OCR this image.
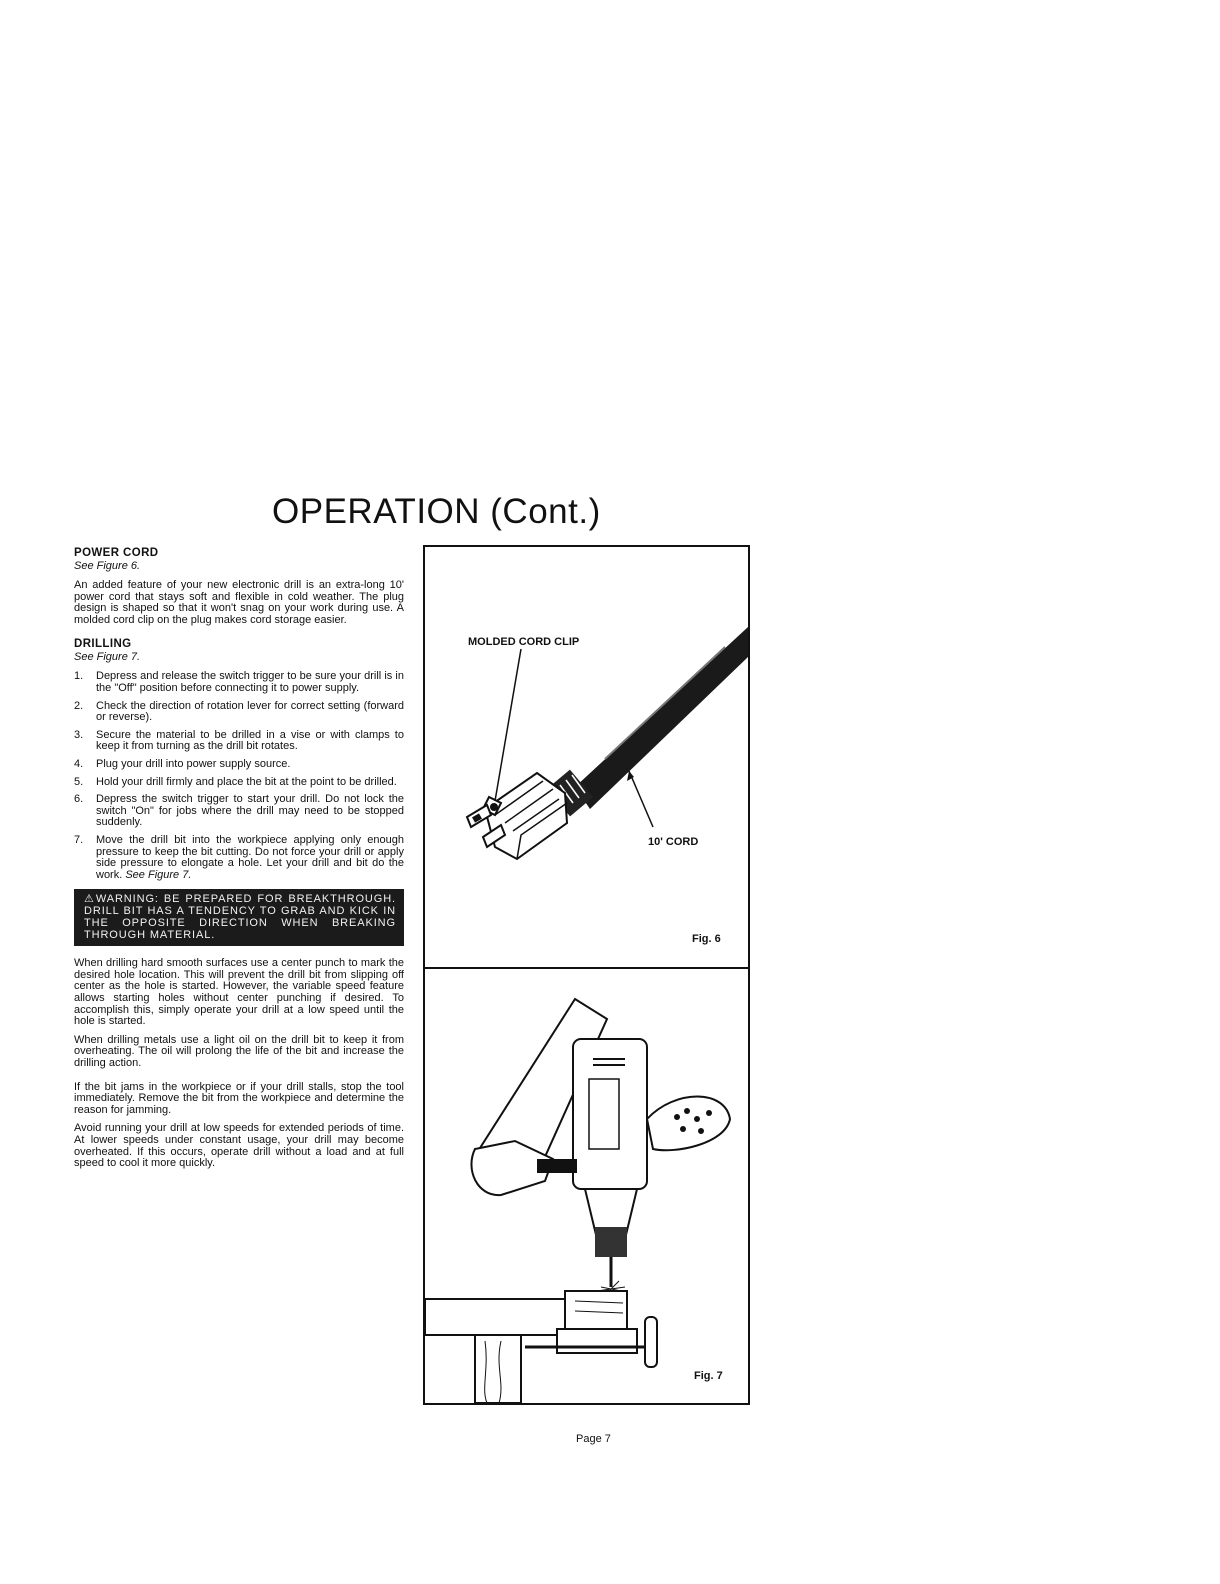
OPERATION (Cont.)
POWER CORD
See Figure 6.

An added feature of your new electronic drill is an extra-long 10' power cord that stays soft and flexible in cold weather. The plug design is shaped so that it won't snag on your work during use. A molded cord clip on the plug makes cord storage easier.

DRILLING
See Figure 7.
1. Depress and release the switch trigger to be sure your drill is in the "Off" position before connecting it to power supply.
2. Check the direction of rotation lever for correct setting (forward or reverse).
3. Secure the material to be drilled in a vise or with clamps to keep it from turning as the drill bit rotates.
4. Plug your drill into power supply source.
5. Hold your drill firmly and place the bit at the point to be drilled.
6. Depress the switch trigger to start your drill. Do not lock the switch "On" for jobs where the drill may need to be stopped suddenly.
7. Move the drill bit into the workpiece applying only enough pressure to keep the bit cutting. Do not force your drill or apply side pressure to elongate a hole. Let your drill and bit do the work. See Figure 7.
⚠WARNING: BE PREPARED FOR BREAKTHROUGH. DRILL BIT HAS A TENDENCY TO GRAB AND KICK IN THE OPPOSITE DIRECTION WHEN BREAKING THROUGH MATERIAL.

When drilling hard smooth surfaces use a center punch to mark the desired hole location. This will prevent the drill bit from slipping off center as the hole is started. However, the variable speed feature allows starting holes without center punching if desired. To accomplish this, simply operate your drill at a low speed until the hole is started.

When drilling metals use a light oil on the drill bit to keep it from overheating. The oil will prolong the life of the bit and increase the drilling action.

If the bit jams in the workpiece or if your drill stalls, stop the tool immediately. Remove the bit from the workpiece and determine the reason for jamming.

Avoid running your drill at low speeds for extended periods of time. At lower speeds under constant usage, your drill may become overheated. If this occurs, operate drill without a load and at full speed to cool it more quickly.

MOLDED CORD CLIP
10' CORD
Fig. 6
Fig. 7
Page 7
